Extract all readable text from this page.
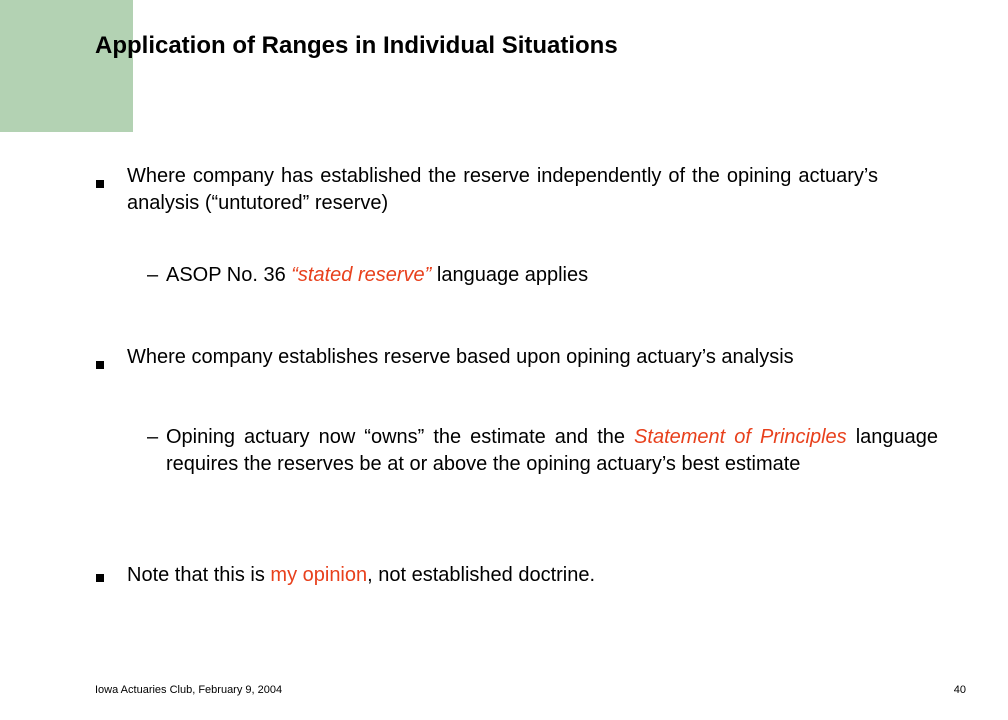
Application of Ranges in Individual Situations
Where company has established the reserve independently of the opining actuary’s analysis (“untutored” reserve)
– ASOP No. 36 “stated reserve” language applies
Where company establishes reserve based upon opining actuary’s analysis
– Opining actuary now “owns” the estimate and the Statement of Principles language requires the reserves be at or above the opining actuary’s best estimate
Note that this is my opinion, not established doctrine.
Iowa Actuaries Club, February 9, 2004	40
